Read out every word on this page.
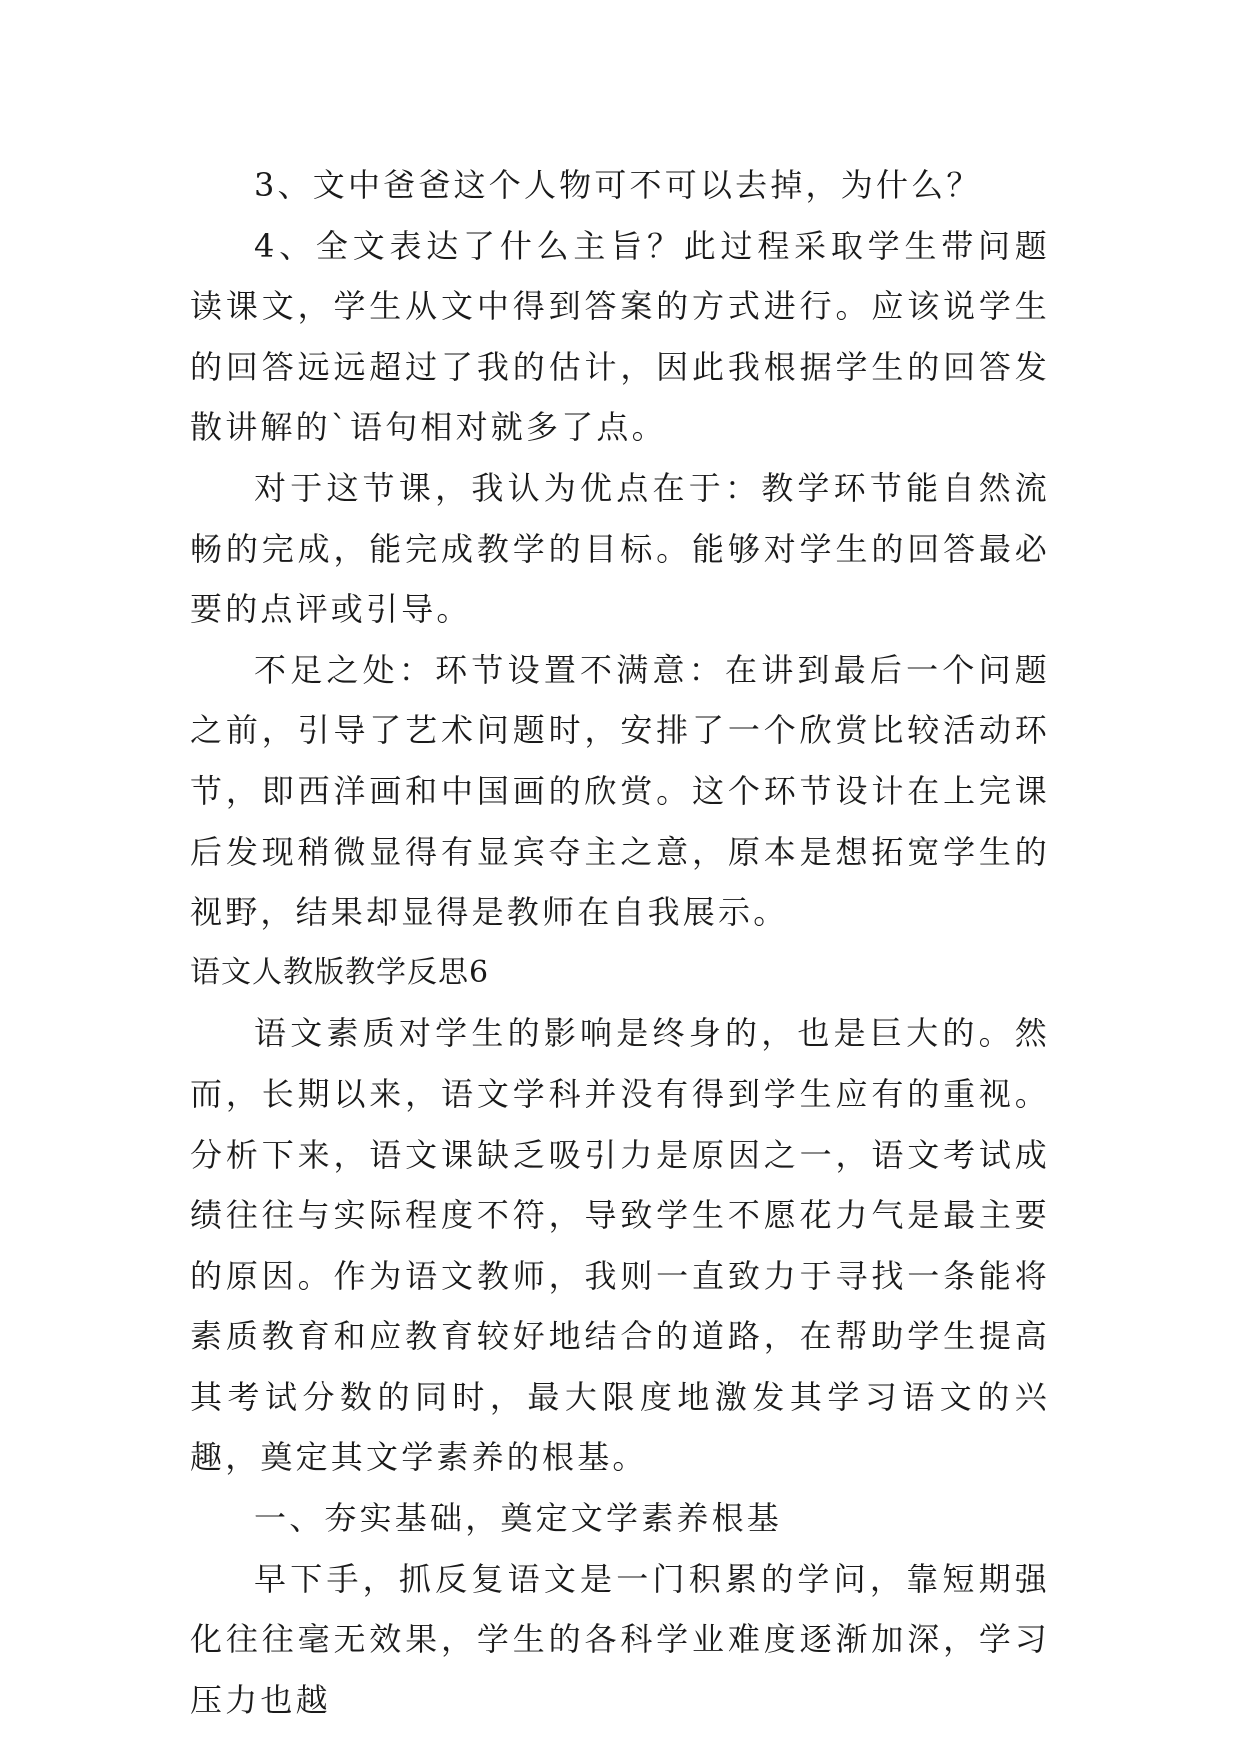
3、文中爸爸这个人物可不可以去掉，为什么？

4、全文表达了什么主旨？此过程采取学生带问题读课文，学生从文中得到答案的方式进行。应该说学生的回答远远超过了我的估计，因此我根据学生的回答发散讲解的`语句相对就多了点。

对于这节课，我认为优点在于：教学环节能自然流畅的完成，能完成教学的目标。能够对学生的回答最必要的点评或引导。

不足之处：环节设置不满意：在讲到最后一个问题之前，引导了艺术问题时，安排了一个欣赏比较活动环节，即西洋画和中国画的欣赏。这个环节设计在上完课后发现稍微显得有显宾夺主之意，原本是想拓宽学生的视野，结果却显得是教师在自我展示。

语文人教版教学反思6

语文素质对学生的影响是终身的，也是巨大的。然而，长期以来，语文学科并没有得到学生应有的重视。分析下来，语文课缺乏吸引力是原因之一，语文考试成绩往往与实际程度不符，导致学生不愿花力气是最主要的原因。作为语文教师，我则一直致力于寻找一条能将素质教育和应教育较好地结合的道路，在帮助学生提高其考试分数的同时，最大限度地激发其学习语文的兴趣，奠定其文学素养的根基。

一、夯实基础，奠定文学素养根基

早下手，抓反复语文是一门积累的学问，靠短期强化往往毫无效果，学生的各科学业难度逐渐加深，学习压力也越
